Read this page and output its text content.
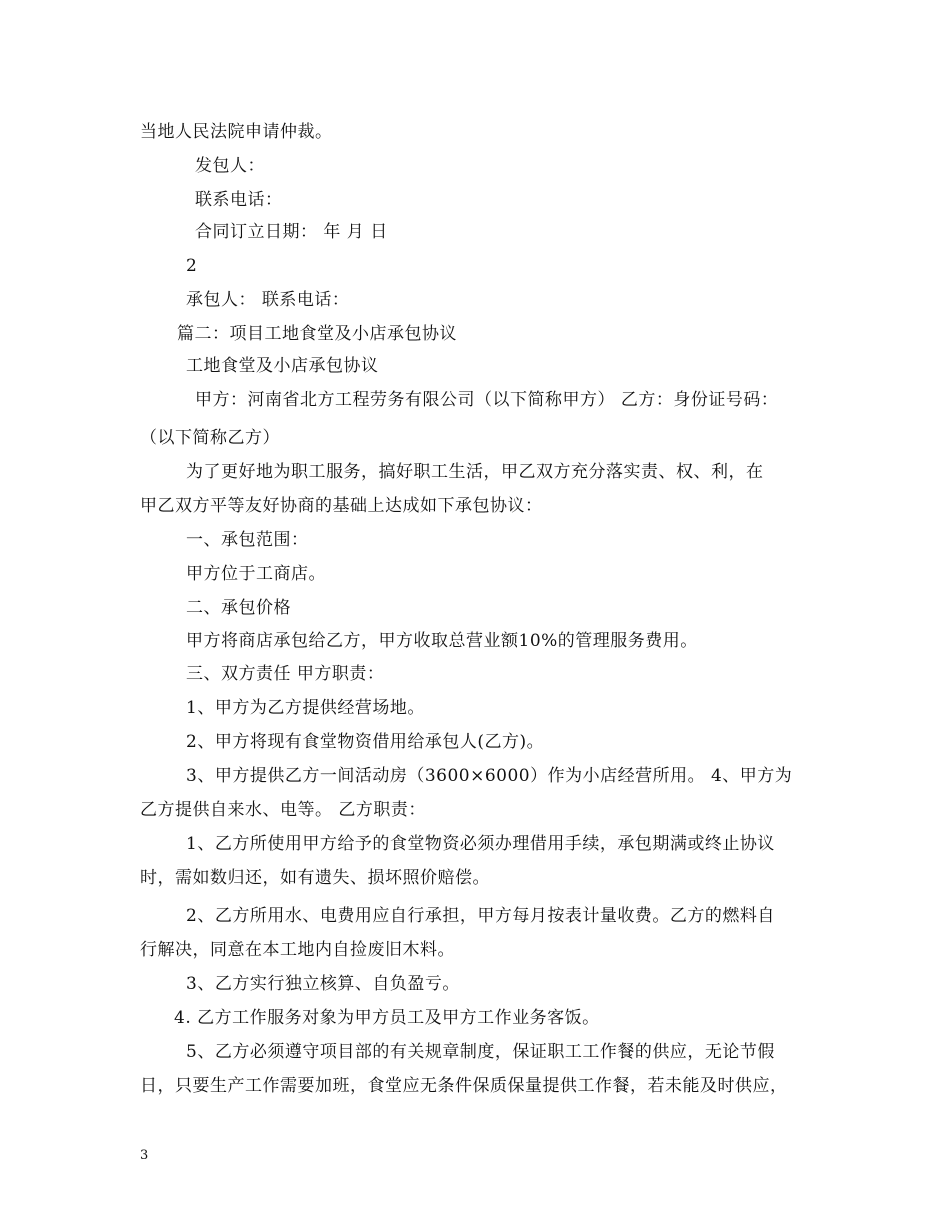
当地人民法院申请仲裁。
发包人：
联系电话：
合同订立日期： 年 月 日
2
承包人： 联系电话：
篇二：项目工地食堂及小店承包协议
工地食堂及小店承包协议
甲方：河南省北方工程劳务有限公司（以下简称甲方） 乙方：身份证号码：
（以下简称乙方）
为了更好地为职工服务，搞好职工生活，甲乙双方充分落实责、权、利，在
甲乙双方平等友好协商的基础上达成如下承包协议：
一、承包范围：
甲方位于工商店。
二、承包价格
甲方将商店承包给乙方，甲方收取总营业额10%的管理服务费用。
三、双方责任 甲方职责：
1、甲方为乙方提供经营场地。
2、甲方将现有食堂物资借用给承包人(乙方)。
3、甲方提供乙方一间活动房（3600×6000）作为小店经营所用。 4、甲方为
乙方提供自来水、电等。 乙方职责：
1、乙方所使用甲方给予的食堂物资必须办理借用手续，承包期满或终止协议
时，需如数归还，如有遗失、损坏照价赔偿。
2、乙方所用水、电费用应自行承担，甲方每月按表计量收费。乙方的燃料自
行解决，同意在本工地内自捡废旧木料。
3、乙方实行独立核算、自负盈亏。
4. 乙方工作服务对象为甲方员工及甲方工作业务客饭。
5、乙方必须遵守项目部的有关规章制度，保证职工工作餐的供应，无论节假
日，只要生产工作需要加班，食堂应无条件保质保量提供工作餐，若未能及时供应，
3
